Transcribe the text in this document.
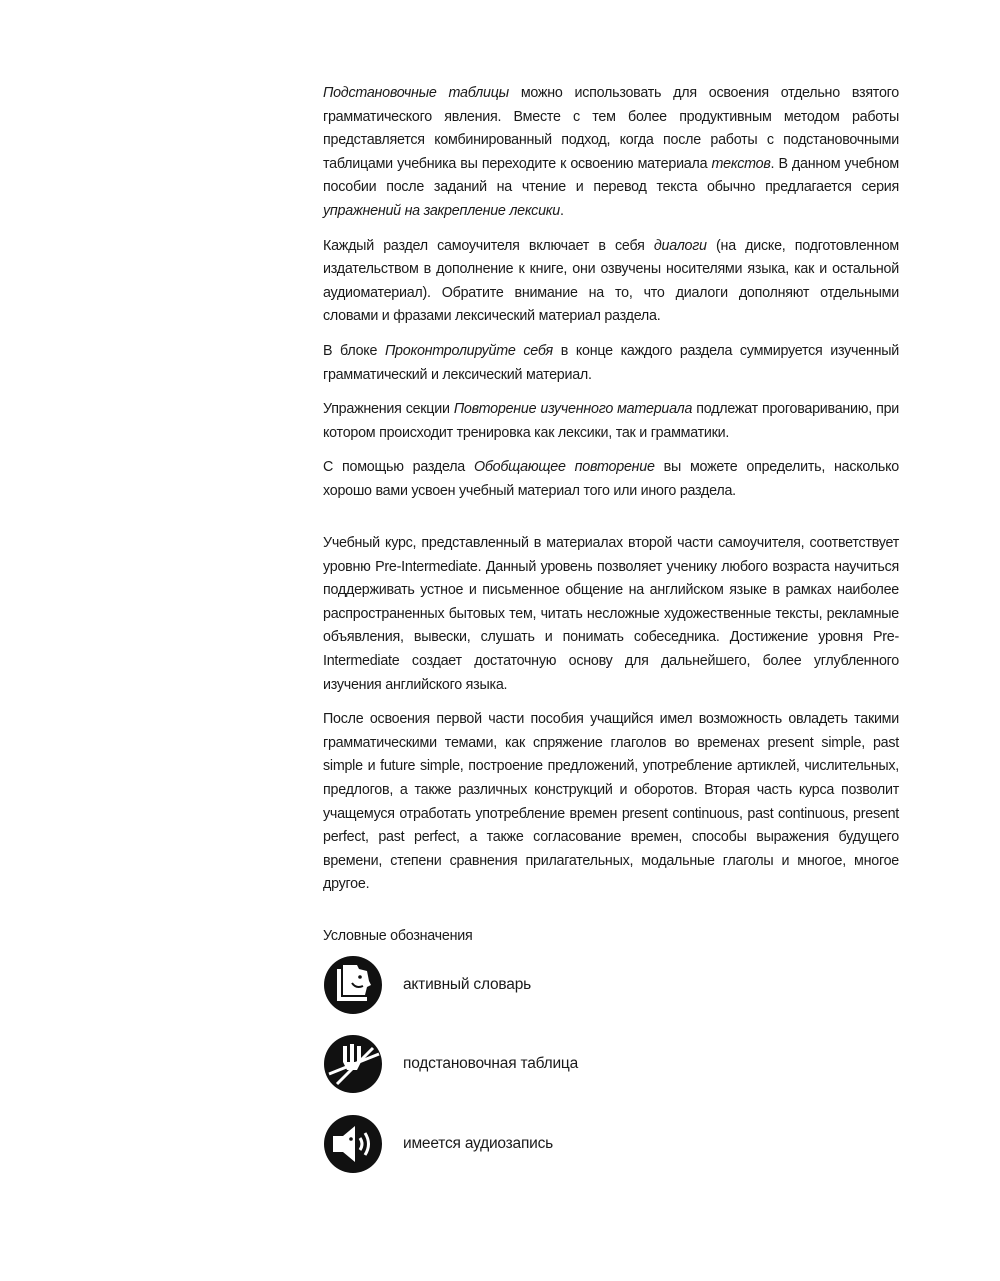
Подстановочные таблицы можно использовать для освоения отдельно взятого грамматического явления. Вместе с тем более продуктивным методом работы представляется комбинированный подход, когда после работы с подстановочными таблицами учебника вы переходите к освоению материала текстов. В данном учебном пособии после заданий на чтение и перевод текста обычно предлагается серия упражнений на закрепление лексики.

Каждый раздел самоучителя включает в себя диалоги (на диске, подготовленном издательством в дополнение к книге, они озвучены носителями языка, как и остальной аудиоматериал). Обратите внимание на то, что диалоги дополняют отдельными словами и фразами лексический материал раздела.

В блоке Проконтролируйте себя в конце каждого раздела суммируется изученный грамматический и лексический материал.

Упражнения секции Повторение изученного материала подлежат проговариванию, при котором происходит тренировка как лексики, так и грамматики.

С помощью раздела Обобщающее повторение вы можете определить, насколько хорошо вами усвоен учебный материал того или иного раздела.

Учебный курс, представленный в материалах второй части самоучителя, соответствует уровню Pre-Intermediate. Данный уровень позволяет ученику любого возраста научиться поддерживать устное и письменное общение на английском языке в рамках наиболее распространенных бытовых тем, читать несложные художественные тексты, рекламные объявления, вывески, слушать и понимать собеседника. Достижение уровня Pre-Intermediate создает достаточную основу для дальнейшего, более углубленного изучения английского языка.

После освоения первой части пособия учащийся имел возможность овладеть такими грамматическими темами, как спряжение глаголов во временах present simple, past simple и future simple, построение предложений, употребление артиклей, числительных, предлогов, а также различных конструкций и оборотов. Вторая часть курса позволит учащемуся отработать употребление времен present continuous, past continuous, present perfect, past perfect, а также согласование времен, способы выражения будущего времени, степени сравнения прилагательных, модальные глаголы и многое, многое другое.

Условные обозначения
активный словарь
подстановочная таблица
имеется аудиозапись
